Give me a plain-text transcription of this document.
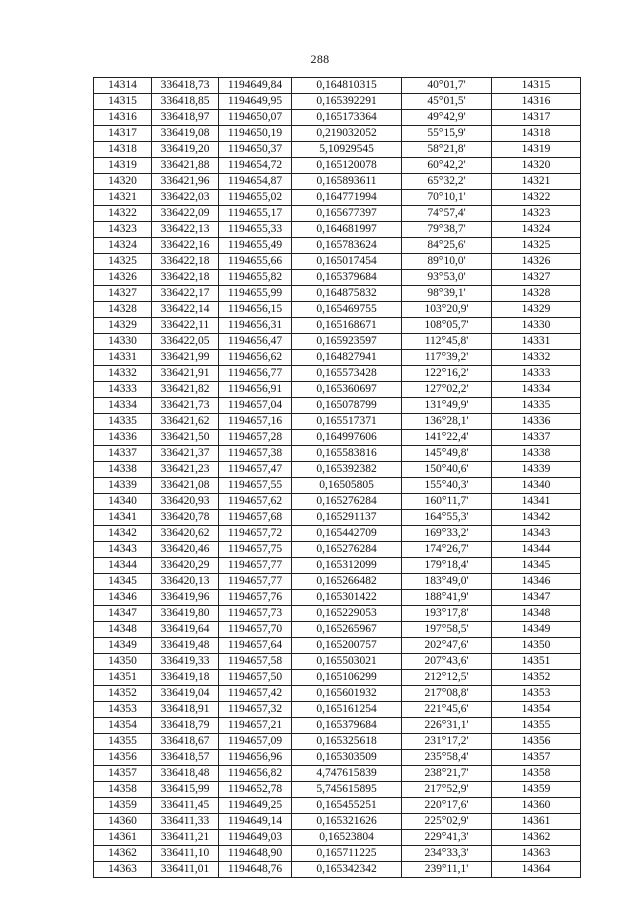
288
14314	336418,73	1194649,84	0,164810315	40°01,7'	14315
14315	336418,85	1194649,95	0,165392291	45°01,5'	14316
14316	336418,97	1194650,07	0,165173364	49°42,9'	14317
14317	336419,08	1194650,19	0,219032052	55°15,9'	14318
14318	336419,20	1194650,37	5,10929545	58°21,8'	14319
14319	336421,88	1194654,72	0,165120078	60°42,2'	14320
14320	336421,96	1194654,87	0,165893611	65°32,2'	14321
14321	336422,03	1194655,02	0,164771994	70°10,1'	14322
14322	336422,09	1194655,17	0,165677397	74°57,4'	14323
14323	336422,13	1194655,33	0,164681997	79°38,7'	14324
14324	336422,16	1194655,49	0,165783624	84°25,6'	14325
14325	336422,18	1194655,66	0,165017454	89°10,0'	14326
14326	336422,18	1194655,82	0,165379684	93°53,0'	14327
14327	336422,17	1194655,99	0,164875832	98°39,1'	14328
14328	336422,14	1194656,15	0,165469755	103°20,9'	14329
14329	336422,11	1194656,31	0,165168671	108°05,7'	14330
14330	336422,05	1194656,47	0,165923597	112°45,8'	14331
14331	336421,99	1194656,62	0,164827941	117°39,2'	14332
14332	336421,91	1194656,77	0,165573428	122°16,2'	14333
14333	336421,82	1194656,91	0,165360697	127°02,2'	14334
14334	336421,73	1194657,04	0,165078799	131°49,9'	14335
14335	336421,62	1194657,16	0,165517371	136°28,1'	14336
14336	336421,50	1194657,28	0,164997606	141°22,4'	14337
14337	336421,37	1194657,38	0,165583816	145°49,8'	14338
14338	336421,23	1194657,47	0,165392382	150°40,6'	14339
14339	336421,08	1194657,55	0,16505805	155°40,3'	14340
14340	336420,93	1194657,62	0,165276284	160°11,7'	14341
14341	336420,78	1194657,68	0,165291137	164°55,3'	14342
14342	336420,62	1194657,72	0,165442709	169°33,2'	14343
14343	336420,46	1194657,75	0,165276284	174°26,7'	14344
14344	336420,29	1194657,77	0,165312099	179°18,4'	14345
14345	336420,13	1194657,77	0,165266482	183°49,0'	14346
14346	336419,96	1194657,76	0,165301422	188°41,9'	14347
14347	336419,80	1194657,73	0,165229053	193°17,8'	14348
14348	336419,64	1194657,70	0,165265967	197°58,5'	14349
14349	336419,48	1194657,64	0,165200757	202°47,6'	14350
14350	336419,33	1194657,58	0,165503021	207°43,6'	14351
14351	336419,18	1194657,50	0,165106299	212°12,5'	14352
14352	336419,04	1194657,42	0,165601932	217°08,8'	14353
14353	336418,91	1194657,32	0,165161254	221°45,6'	14354
14354	336418,79	1194657,21	0,165379684	226°31,1'	14355
14355	336418,67	1194657,09	0,165325618	231°17,2'	14356
14356	336418,57	1194656,96	0,165303509	235°58,4'	14357
14357	336418,48	1194656,82	4,747615839	238°21,7'	14358
14358	336415,99	1194652,78	5,745615895	217°52,9'	14359
14359	336411,45	1194649,25	0,165455251	220°17,6'	14360
14360	336411,33	1194649,14	0,165321626	225°02,9'	14361
14361	336411,21	1194649,03	0,16523804	229°41,3'	14362
14362	336411,10	1194648,90	0,165711225	234°33,3'	14363
14363	336411,01	1194648,76	0,165342342	239°11,1'	14364
